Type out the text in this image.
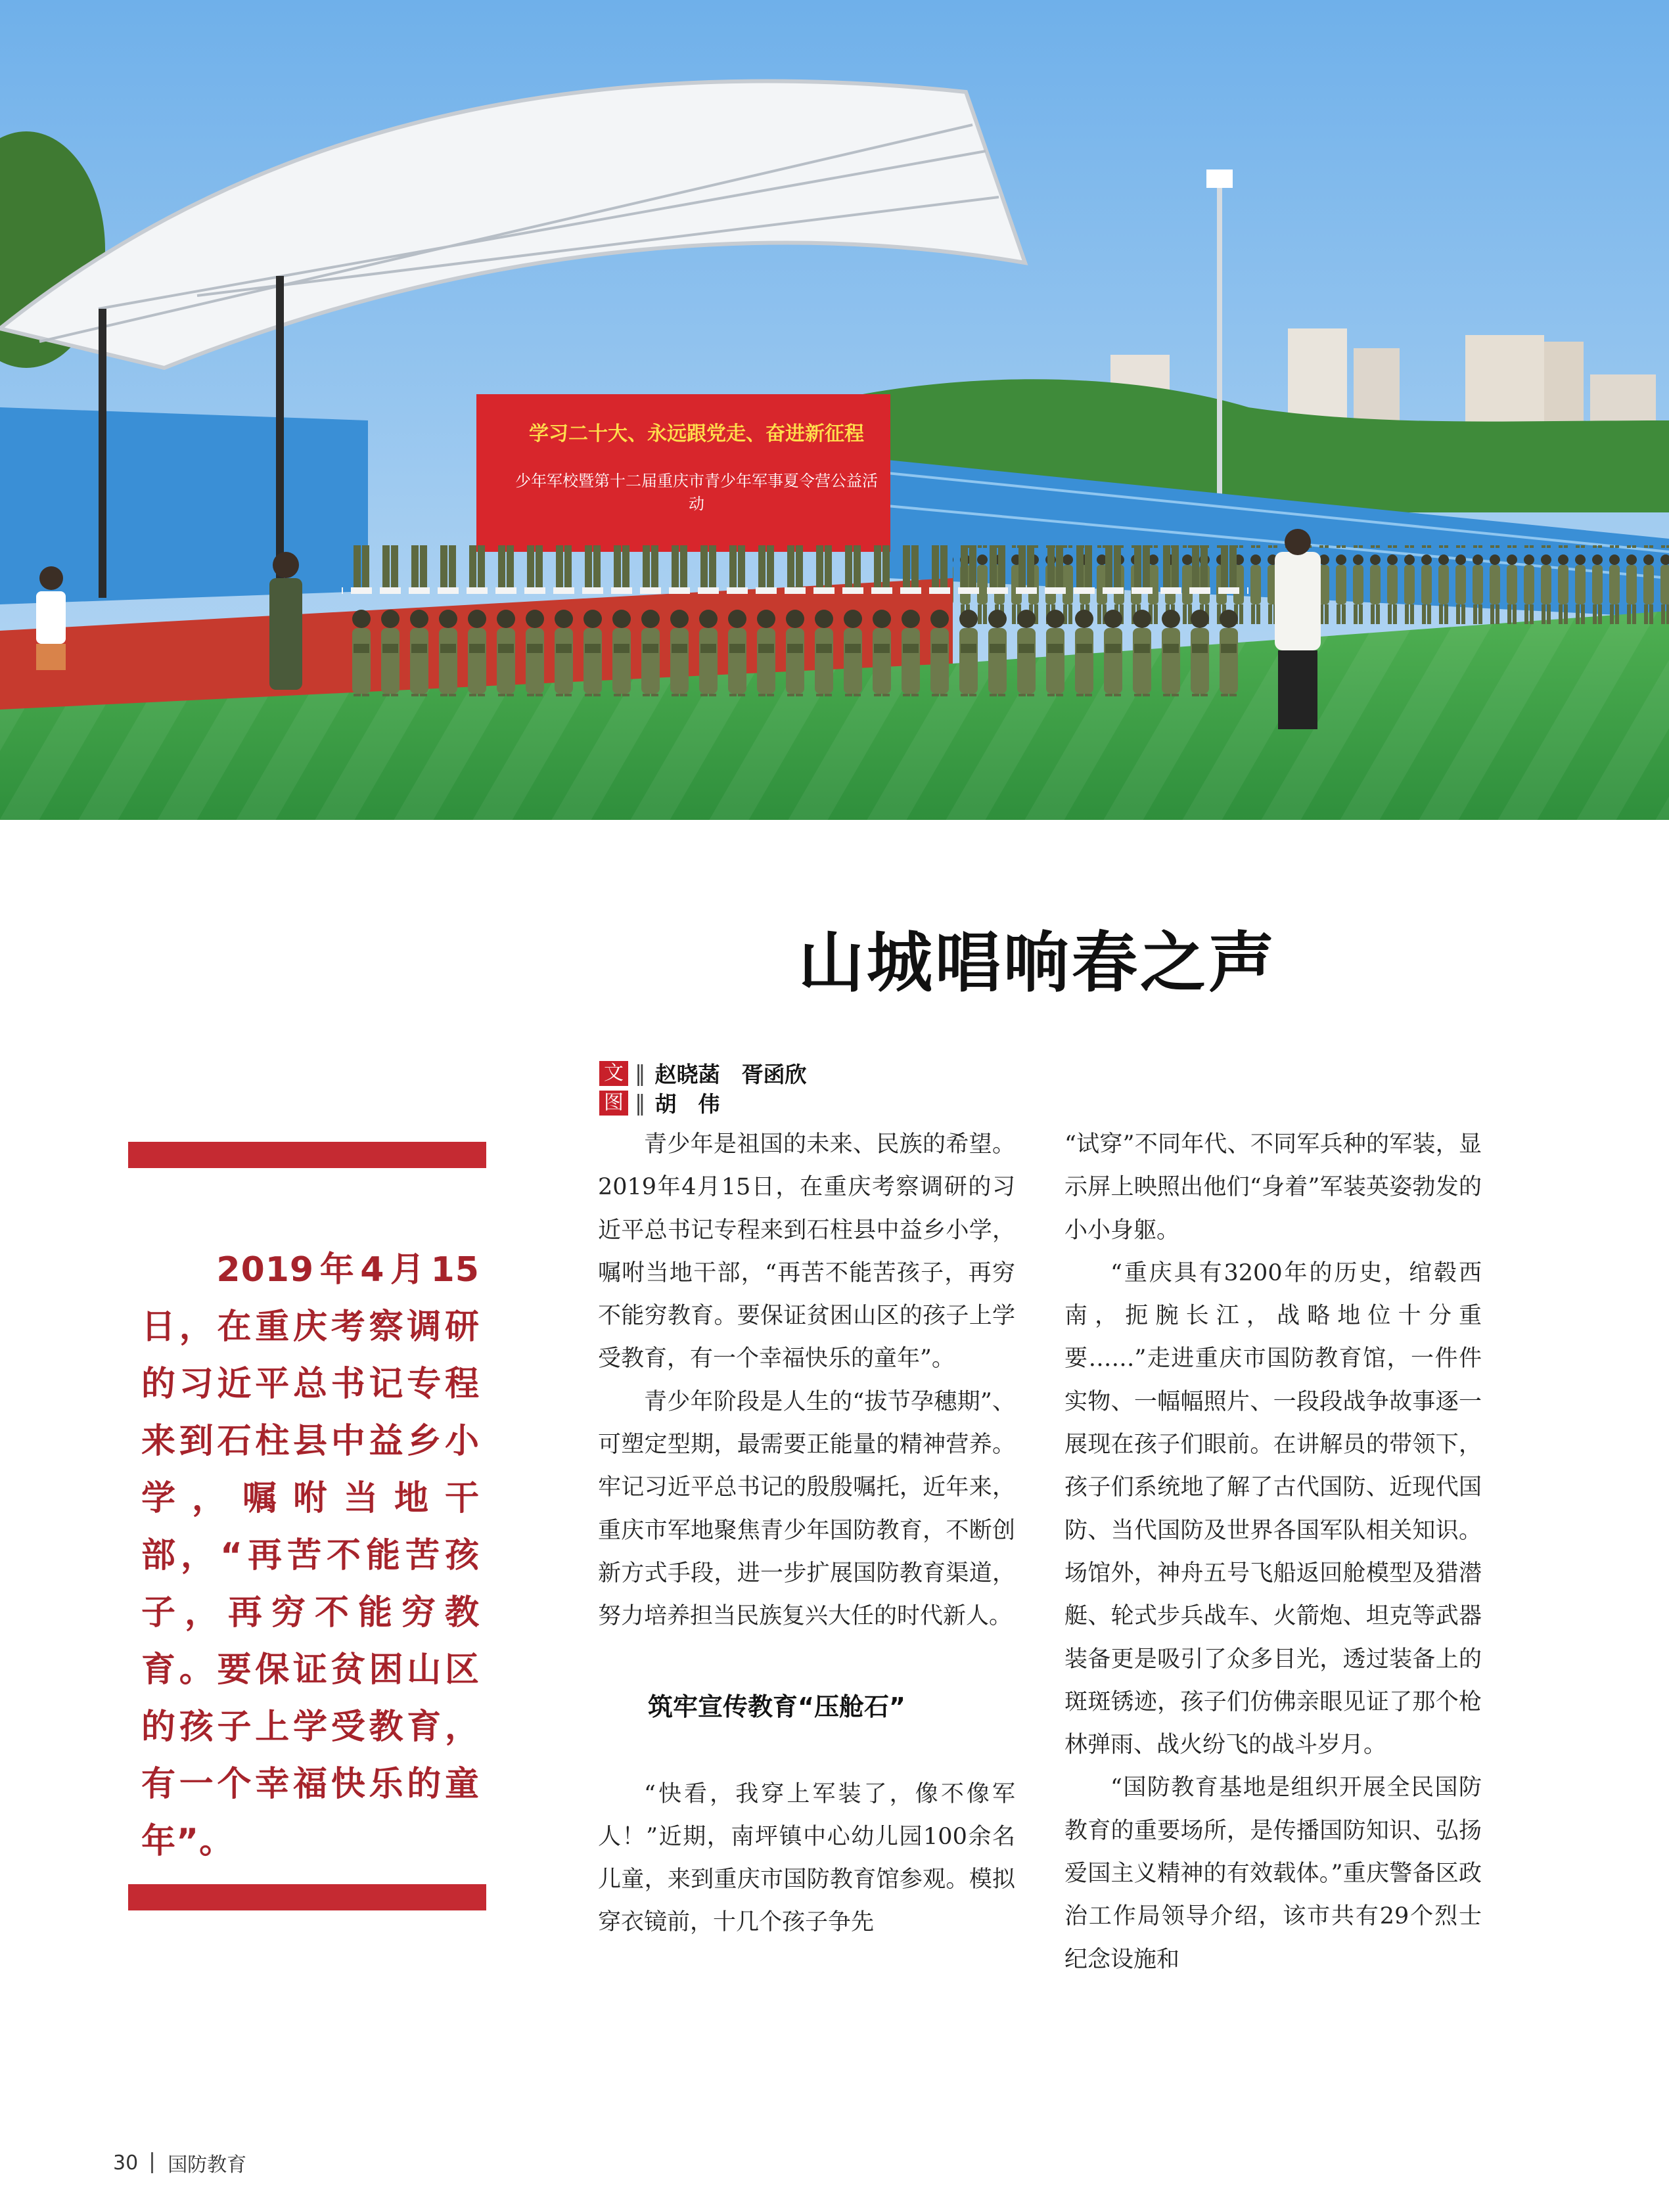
学习二十大、永远跟党走、奋进新征程
少年军校暨第十二届重庆市青少年军事夏令营公益活动
山城唱响春之声
文 ‖ 赵晓菡　胥函欣
图 ‖ 胡　伟

2019年4月15日，在重庆考察调研的习近平总书记专程来到石柱县中益乡小学，嘱咐当地干部，“再苦不能苦孩子，再穷不能穷教育。要保证贫困山区的孩子上学受教育，有一个幸福快乐的童年”。

青少年是祖国的未来、民族的希望。2019年4月15日，在重庆考察调研的习近平总书记专程来到石柱县中益乡小学，嘱咐当地干部，“再苦不能苦孩子，再穷不能穷教育。要保证贫困山区的孩子上学受教育，有一个幸福快乐的童年”。

青少年阶段是人生的“拔节孕穗期”、可塑定型期，最需要正能量的精神营养。牢记习近平总书记的殷殷嘱托，近年来，重庆市军地聚焦青少年国防教育，不断创新方式手段，进一步扩展国防教育渠道，努力培养担当民族复兴大任的时代新人。

筑牢宣传教育“压舱石”

“快看，我穿上军装了，像不像军人！”近期，南坪镇中心幼儿园100余名儿童，来到重庆市国防教育馆参观。模拟穿衣镜前，十几个孩子争先

“试穿”不同年代、不同军兵种的军装，显示屏上映照出他们“身着”军装英姿勃发的小小身躯。

“重庆具有3200年的历史，绾毂西南，扼腕长江，战略地位十分重要……”走进重庆市国防教育馆，一件件实物、一幅幅照片、一段段战争故事逐一展现在孩子们眼前。在讲解员的带领下，孩子们系统地了解了古代国防、近现代国防、当代国防及世界各国军队相关知识。场馆外，神舟五号飞船返回舱模型及猎潜艇、轮式步兵战车、火箭炮、坦克等武器装备更是吸引了众多目光，透过装备上的斑斑锈迹，孩子们仿佛亲眼见证了那个枪林弹雨、战火纷飞的战斗岁月。

“国防教育基地是组织开展全民国防教育的重要场所，是传播国防知识、弘扬爱国主义精神的有效载体。”重庆警备区政治工作局领导介绍，该市共有29个烈士纪念设施和

30 国防教育
